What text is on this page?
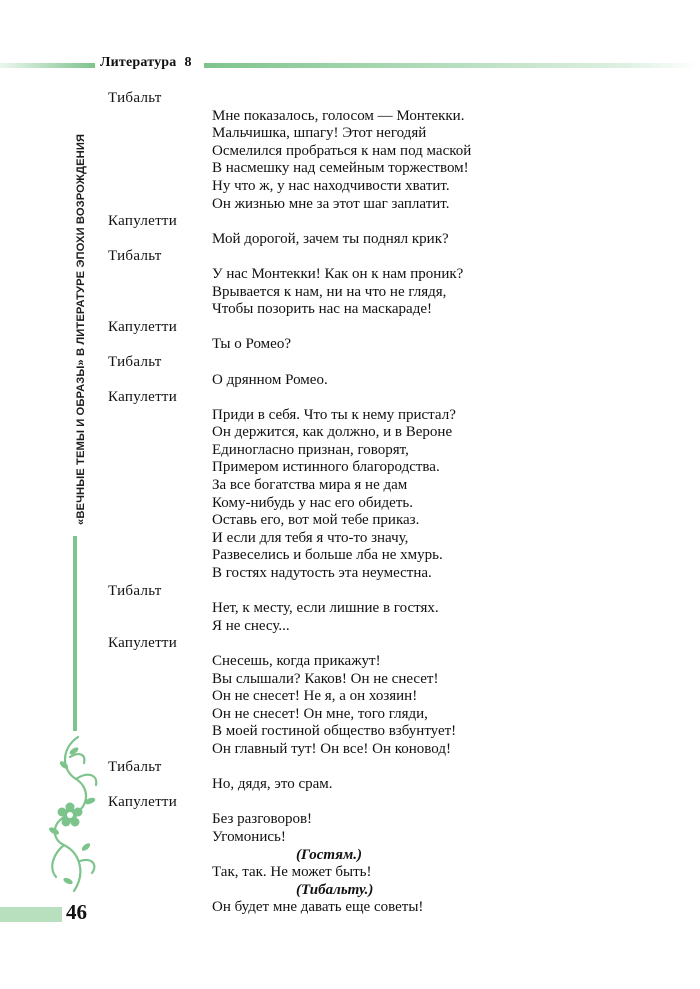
Литература 8
«ВЕЧНЫЕ ТЕМЫ И ОБРАЗЫ» В ЛИТЕРАТУРЕ ЭПОХИ ВОЗРОЖДЕНИЯ
46
Тибальт
Мне показалось, голосом — Монтекки.
Мальчишка, шпагу! Этот негодяй
Осмелился пробраться к нам под маской
В насмешку над семейным торжеством!
Ну что ж, у нас находчивости хватит.
Он жизнью мне за этот шаг заплатит.
Капулетти
Мой дорогой, зачем ты поднял крик?
Тибальт
У нас Монтекки! Как он к нам проник?
Врывается к нам, ни на что не глядя,
Чтобы позорить нас на маскараде!
Капулетти
Ты о Ромео?
Тибальт
О дрянном Ромео.
Капулетти
Приди в себя. Что ты к нему пристал?
Он держится, как должно, и в Вероне
Единогласно признан, говорят,
Примером истинного благородства.
За все богатства мира я не дам
Кому-нибудь у нас его обидеть.
Оставь его, вот мой тебе приказ.
И если для тебя я что-то значу,
Развеселись и больше лба не хмурь.
В гостях надутость эта неуместна.
Тибальт
Нет, к месту, если лишние в гостях.
Я не снесу...
Капулетти
Снесешь, когда прикажут!
Вы слышали? Каков! Он не снесет!
Он не снесет! Не я, а он хозяин!
Он не снесет! Он мне, того гляди,
В моей гостиной общество взбунтует!
Он главный тут! Он все! Он коновод!
Тибальт
Но, дядя, это срам.
Капулетти
Без разговоров!
Угомонись!
(Гостям.)
Так, так. Не может быть!
(Тибальту.)
Он будет мне давать еще советы!
